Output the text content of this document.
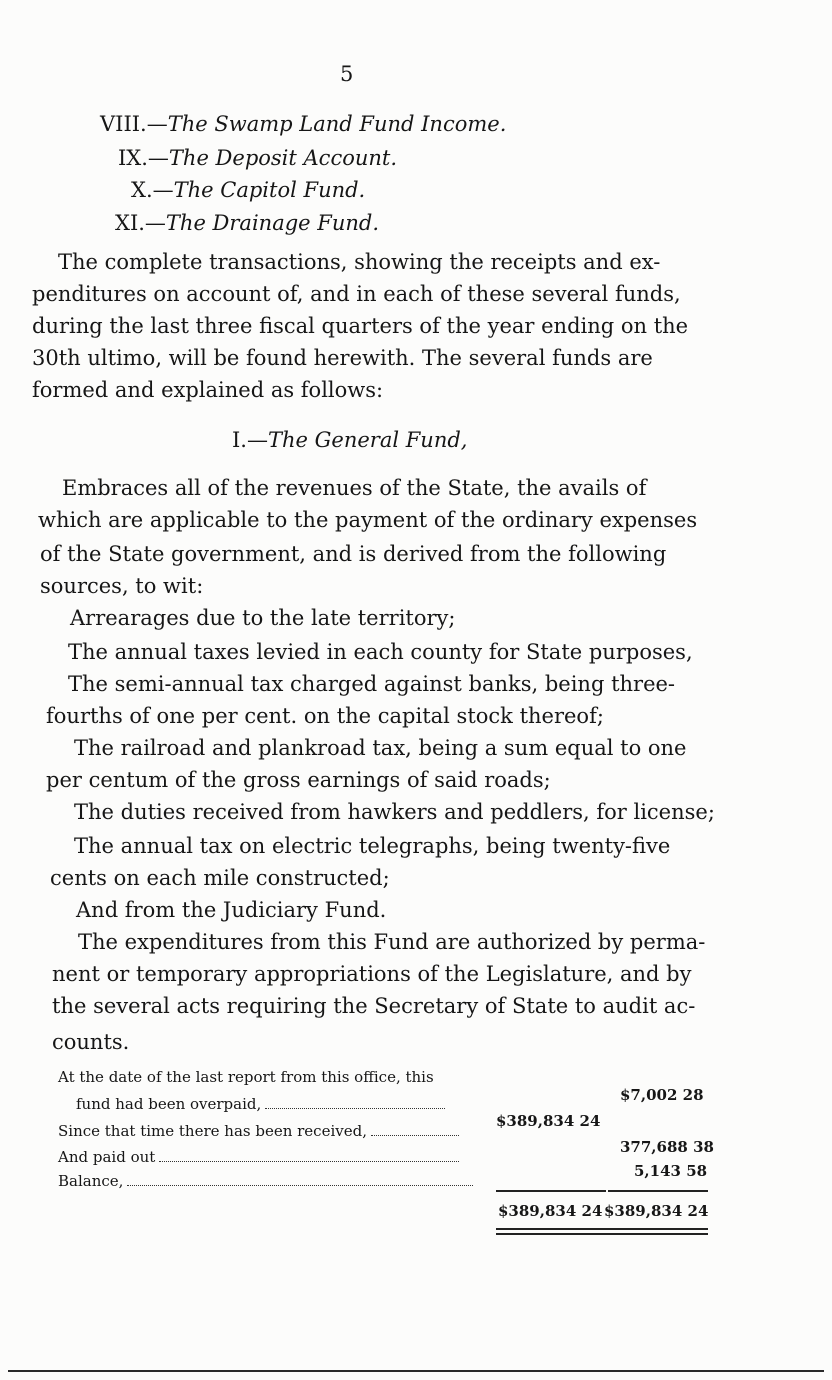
5
VIII.—The Swamp Land Fund Income.
IX.—The Deposit Account.
X.—The Capitol Fund.
XI.—The Drainage Fund.
The complete transactions, showing the receipts and ex-
penditures on account of, and in each of these several funds,
during the last three fiscal quarters of the year ending on the
30th ultimo, will be found herewith. The several funds are
formed and explained as follows:
I.—The General Fund,
Embraces all of the revenues of the State, the avails of
which are applicable to the payment of the ordinary expenses
of the State government, and is derived from the following
sources, to wit:
Arrearages due to the late territory;
The annual taxes levied in each county for State purposes,
The semi-annual tax charged against banks, being three-
fourths of one per cent. on the capital stock thereof;
The railroad and plankroad tax, being a sum equal to one
per centum of the gross earnings of said roads;
The duties received from hawkers and peddlers, for license;
The annual tax on electric telegraphs, being twenty-five
cents on each mile constructed;
And from the Judiciary Fund.
The expenditures from this Fund are authorized by perma-
nent or temporary appropriations of the Legislature, and by
the several acts requiring the Secretary of State to audit ac-
counts.
At the date of the last report from this office, this
fund had been overpaid,	$7,002 28
Since that time there has been received,
$389,834 24
And paid out
377,688 38
Balance,
5,143 58
$389,834 24 $389,834 24
